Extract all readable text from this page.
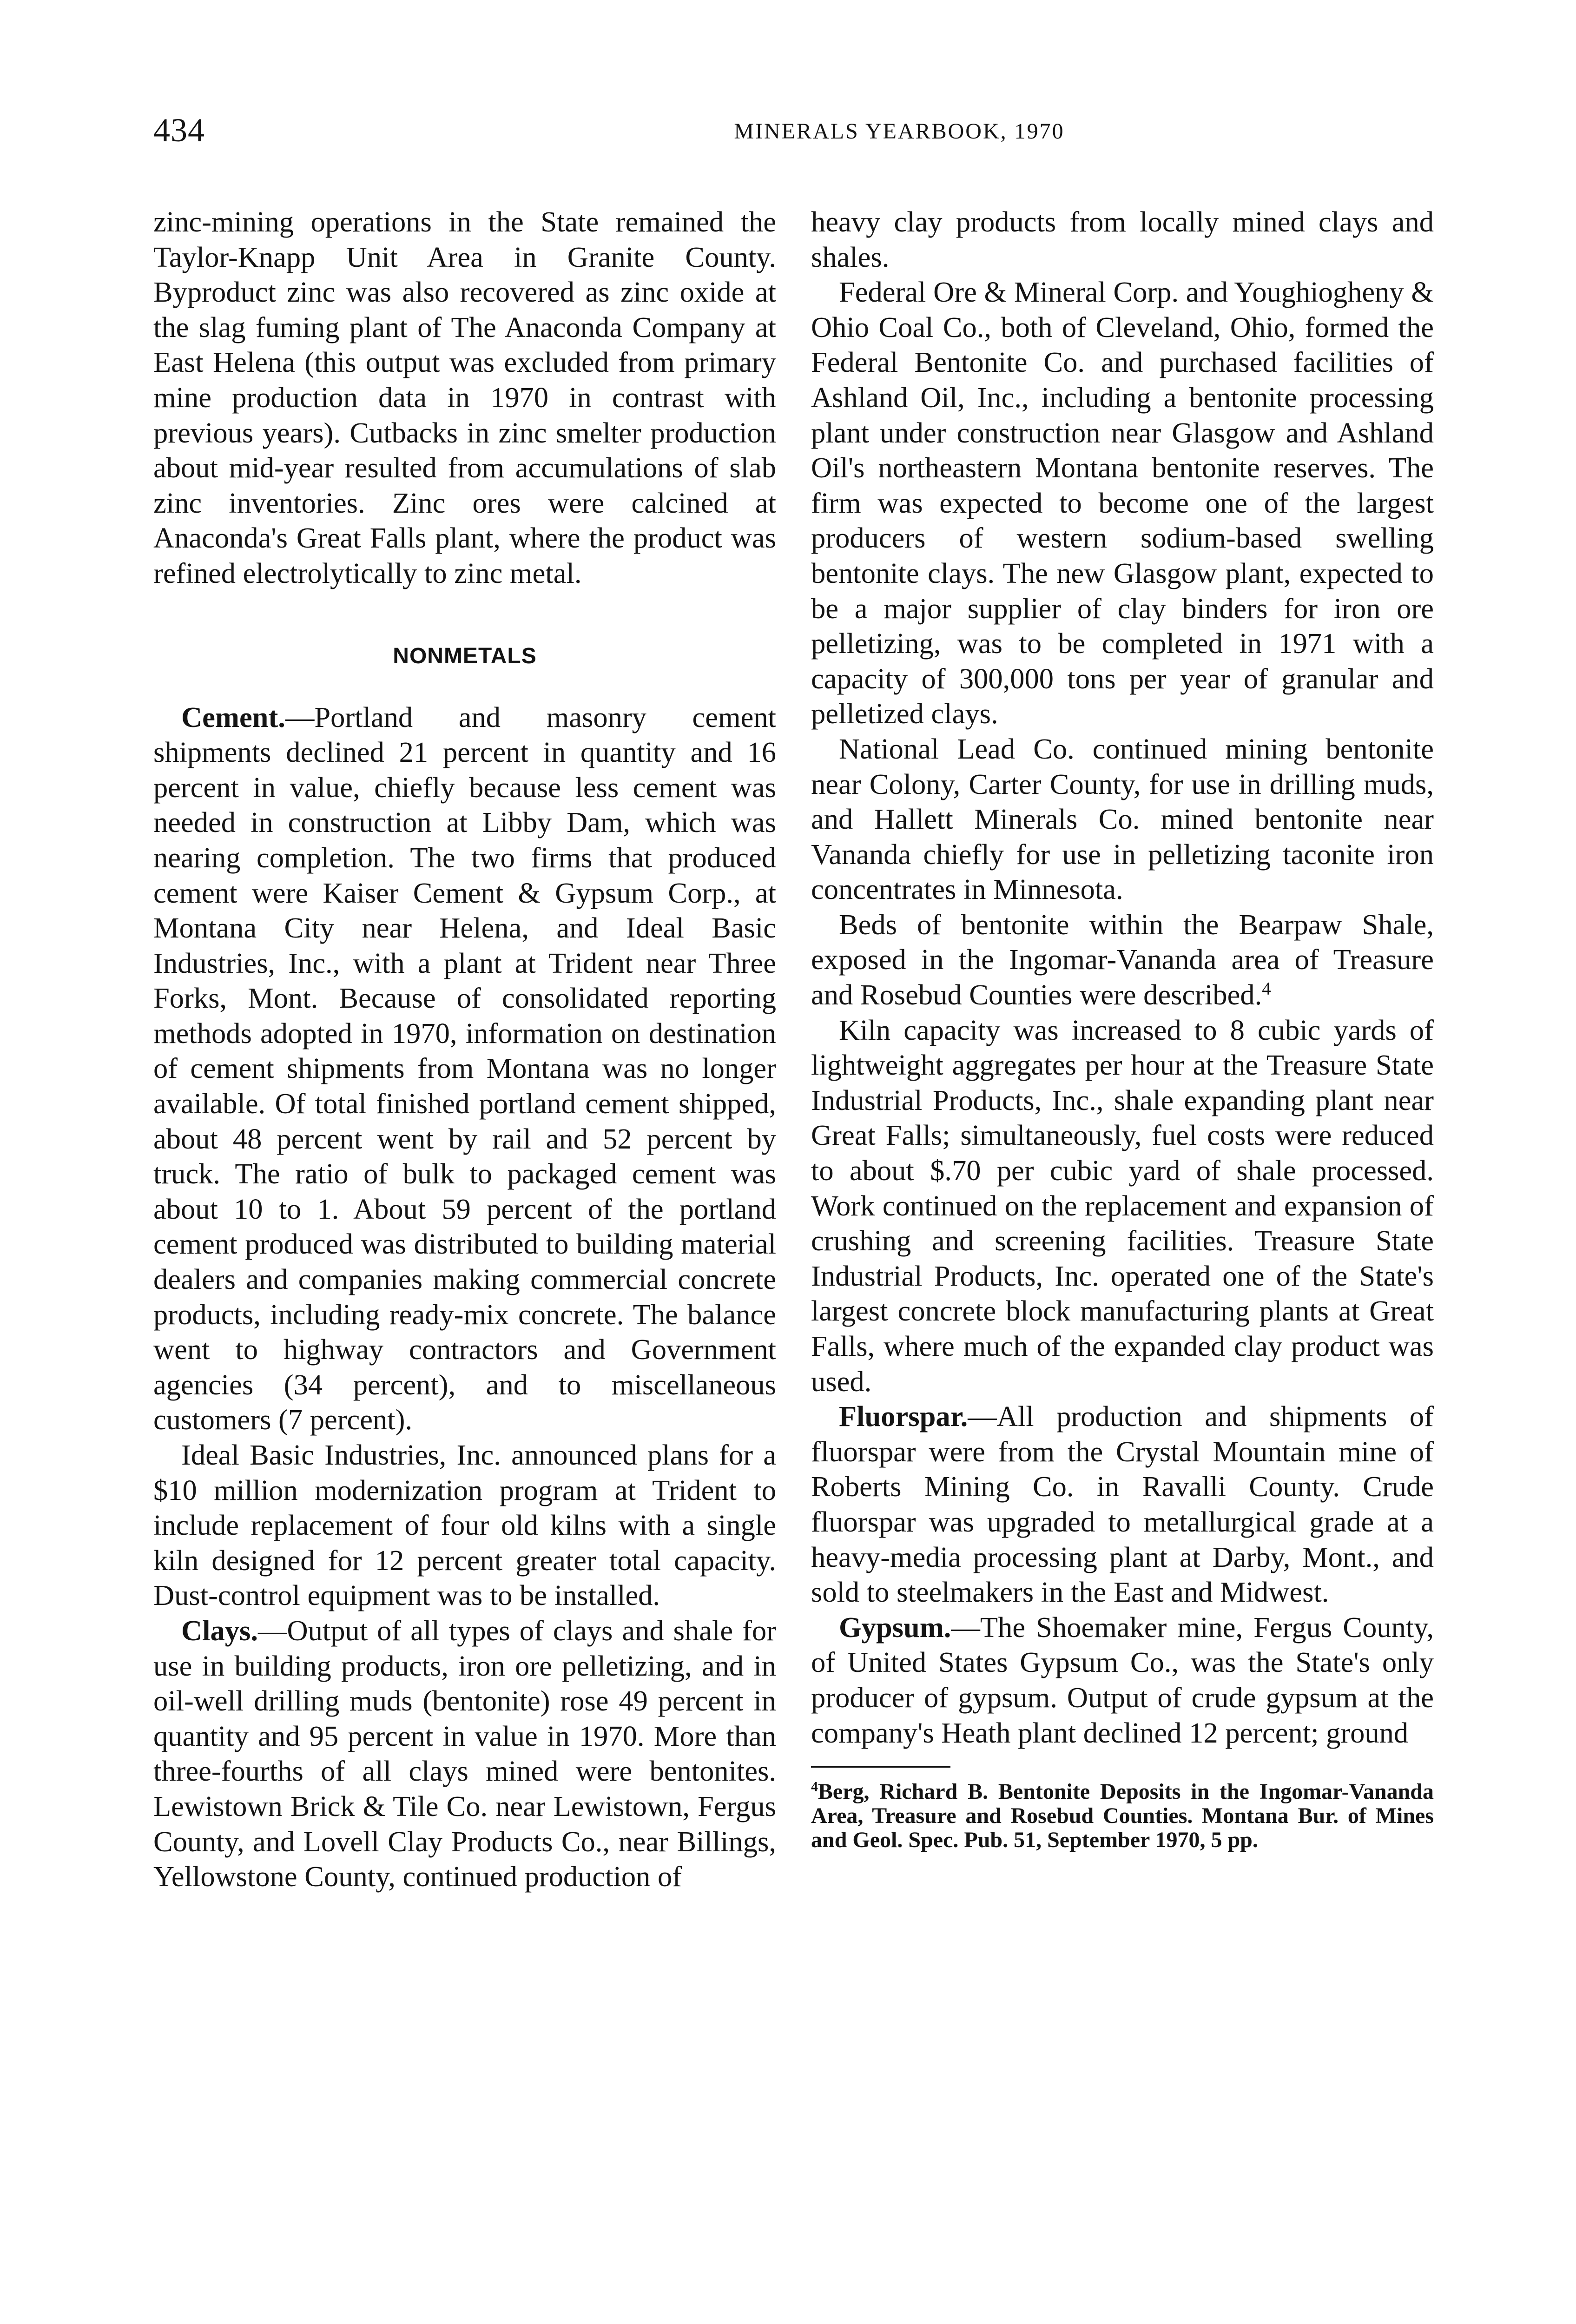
434	MINERALS YEARBOOK, 1970

zinc-mining operations in the State remained the Taylor-Knapp Unit Area in Granite County. Byproduct zinc was also recovered as zinc oxide at the slag fuming plant of The Anaconda Company at East Helena (this output was excluded from primary mine production data in 1970 in contrast with previous years). Cutbacks in zinc smelter production about mid-year resulted from accumulations of slab zinc inventories. Zinc ores were calcined at Anaconda's Great Falls plant, where the product was refined electrolytically to zinc metal.

NONMETALS

Cement.—Portland and masonry cement shipments declined 21 percent in quantity and 16 percent in value, chiefly because less cement was needed in construction at Libby Dam, which was nearing completion. The two firms that produced cement were Kaiser Cement & Gypsum Corp., at Montana City near Helena, and Ideal Basic Industries, Inc., with a plant at Trident near Three Forks, Mont. Because of consolidated reporting methods adopted in 1970, information on destination of cement shipments from Montana was no longer available. Of total finished portland cement shipped, about 48 percent went by rail and 52 percent by truck. The ratio of bulk to packaged cement was about 10 to 1. About 59 percent of the portland cement produced was distributed to building material dealers and companies making commercial concrete products, including ready-mix concrete. The balance went to highway contractors and Government agencies (34 percent), and to miscellaneous customers (7 percent).

Ideal Basic Industries, Inc. announced plans for a $10 million modernization program at Trident to include replacement of four old kilns with a single kiln designed for 12 percent greater total capacity. Dust-control equipment was to be installed.

Clays.—Output of all types of clays and shale for use in building products, iron ore pelletizing, and in oil-well drilling muds (bentonite) rose 49 percent in quantity and 95 percent in value in 1970. More than three-fourths of all clays mined were bentonites. Lewistown Brick & Tile Co. near Lewistown, Fergus County, and Lovell Clay Products Co., near Billings, Yellowstone County, continued production of

heavy clay products from locally mined clays and shales.

Federal Ore & Mineral Corp. and Youghiogheny & Ohio Coal Co., both of Cleveland, Ohio, formed the Federal Bentonite Co. and purchased facilities of Ashland Oil, Inc., including a bentonite processing plant under construction near Glasgow and Ashland Oil's northeastern Montana bentonite reserves. The firm was expected to become one of the largest producers of western sodium-based swelling bentonite clays. The new Glasgow plant, expected to be a major supplier of clay binders for iron ore pelletizing, was to be completed in 1971 with a capacity of 300,000 tons per year of granular and pelletized clays.

National Lead Co. continued mining bentonite near Colony, Carter County, for use in drilling muds, and Hallett Minerals Co. mined bentonite near Vananda chiefly for use in pelletizing taconite iron concentrates in Minnesota.

Beds of bentonite within the Bearpaw Shale, exposed in the Ingomar-Vananda area of Treasure and Rosebud Counties were described.$^4$

Kiln capacity was increased to 8 cubic yards of lightweight aggregates per hour at the Treasure State Industrial Products, Inc., shale expanding plant near Great Falls; simultaneously, fuel costs were reduced to about $.70 per cubic yard of shale processed. Work continued on the replacement and expansion of crushing and screening facilities. Treasure State Industrial Products, Inc. operated one of the State's largest concrete block manufacturing plants at Great Falls, where much of the expanded clay product was used.

Fluorspar.—All production and shipments of fluorspar were from the Crystal Mountain mine of Roberts Mining Co. in Ravalli County. Crude fluorspar was upgraded to metallurgical grade at a heavy-media processing plant at Darby, Mont., and sold to steelmakers in the East and Midwest.

Gypsum.—The Shoemaker mine, Fergus County, of United States Gypsum Co., was the State's only producer of gypsum. Output of crude gypsum at the company's Heath plant declined 12 percent; ground

$^4$Berg, Richard B. Bentonite Deposits in the Ingomar-Vananda Area, Treasure and Rosebud Counties. Montana Bur. of Mines and Geol. Spec. Pub. 51, September 1970, 5 pp.
